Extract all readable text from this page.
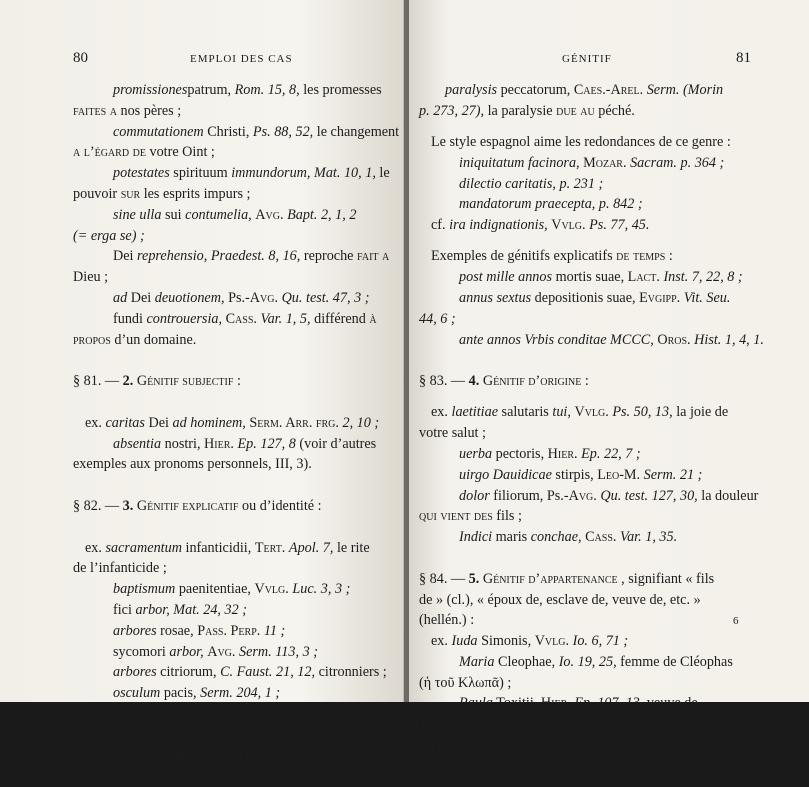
80	EMPLOI DES CAS
promissionespatrum, Rom. 15, 8, les promesses
faites a nos pères ;
commutationem Christi, Ps. 88, 52, le changement
a l’égard de votre Oint ;
potestates spirituum immundorum, Mat. 10, 1, le
pouvoir sur les esprits impurs ;
sine ulla sui contumelia, Avg. Bapt. 2, 1, 2
(= erga se) ;
Dei reprehensio, Praedest. 8, 16, reproche fait a
Dieu ;
ad Dei deuotionem, Ps.-Avg. Qu. test. 47, 3 ;
fundi controuersia, Cass. Var. 1, 5, différend à
propos d’un domaine.
§ 81. — 2. Génitif subjectif :
ex. caritas Dei ad hominem, Serm. Arr. frg. 2, 10 ;
absentia nostri, Hier. Ep. 127, 8 (voir d’autres
exemples aux pronoms personnels, III, 3).
§ 82. — 3. Génitif explicatif ou d’identité :
ex. sacramentum infanticidii, Tert. Apol. 7, le rite
de l’infanticide ;
baptismum paenitentiae, Vvlg. Luc. 3, 3 ;
fici arbor, Mat. 24, 32 ;
arbores rosae, Pass. Perp. 11 ;
sycomori arbor, Avg. Serm. 113, 3 ;
arbores citriorum, C. Faust. 21, 12, citronniers ;
osculum pacis, Serm. 204, 1 ;
proelium tentationis, Serm. 210, 2 ;
Deus misericordiarum, Conf. 5, 9 ;
omni humilitatis subiectione, Ben. Reg. 3 ;
pietatis remedium, Cass. Var. 4, 41 ;
GÉNITIF	81
paralysis peccatorum, Caes.-Arel. Serm. (Morin
p. 273, 27), la paralysie due au péché.
Le style espagnol aime les redondances de ce genre :
iniquitatum facinora, Mozar. Sacram. p. 364 ;
dilectio caritatis, p. 231 ;
mandatorum praecepta, p. 842 ;
cf. ira indignationis, Vvlg. Ps. 77, 45.
Exemples de génitifs explicatifs de temps :
post mille annos mortis suae, Lact. Inst. 7, 22, 8 ;
annus sextus depositionis suae, Evgipp. Vit. Seu.
44, 6 ;
ante annos Vrbis conditae MCCC, Oros. Hist. 1, 4, 1.
§ 83. — 4. Génitif d’origine :
ex. laetitiae salutaris tui, Vvlg. Ps. 50, 13, la joie de
votre salut ;
uerba pectoris, Hier. Ep. 22, 7 ;
uirgo Dauidicae stirpis, Leo-M. Serm. 21 ;
dolor filiorum, Ps.-Avg. Qu. test. 127, 30, la douleur
qui vient des fils ;
Indici maris conchae, Cass. Var. 1, 35.
§ 84. — 5. Génitif d’appartenance , signifiant « fils
de » (cl.), « époux de, esclave de, veuve de, etc. »
(hellén.) :
ex. Iuda Simonis, Vvlg. Io. 6, 71 ;
Maria Cleophae, Io. 19, 25, femme de Cléophas
(ἡ τοῦ Κλωπᾶ) ;
Paula Toxitii, Hier. Ep. 107, 13, veuve de
Toxitius ;
cf. Christi esse, être du Christ, lui appartenir.
6
